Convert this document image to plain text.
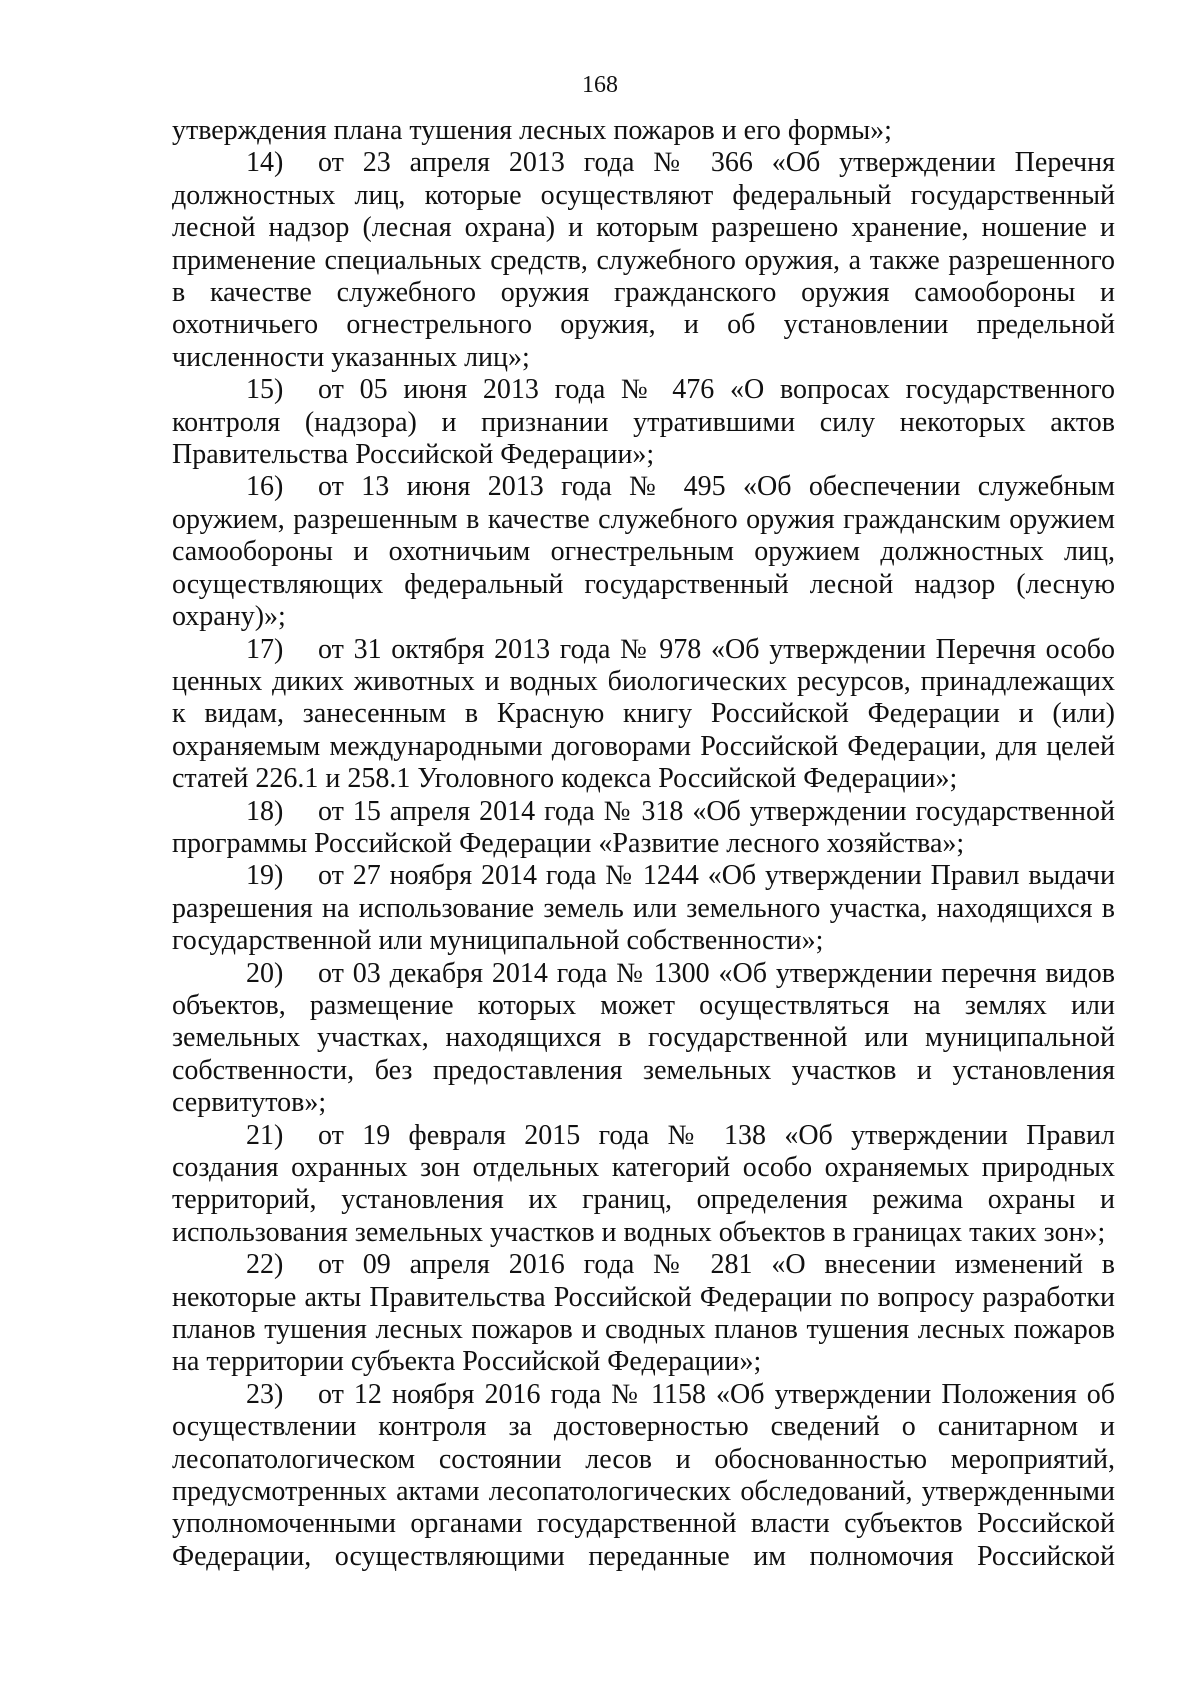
168

утверждения плана тушения лесных пожаров и его формы»;

14) от 23 апреля 2013 года № 366 «Об утверждении Перечня должностных лиц, которые осуществляют федеральный государственный лесной надзор (лесная охрана) и которым разрешено хранение, ношение и применение специальных средств, служебного оружия, а также разрешенного в качестве служебного оружия гражданского оружия самообороны и охотничьего огнестрельного оружия, и об установлении предельной численности указанных лиц»;

15) от 05 июня 2013 года № 476 «О вопросах государственного контроля (надзора) и признании утратившими силу некоторых актов Правительства Российской Федерации»;

16) от 13 июня 2013 года № 495 «Об обеспечении служебным оружием, разрешенным в качестве служебного оружия гражданским оружием самообороны и охотничьим огнестрельным оружием должностных лиц, осуществляющих федеральный государственный лесной надзор (лесную охрану)»;

17) от 31 октября 2013 года № 978 «Об утверждении Перечня особо ценных диких животных и водных биологических ресурсов, принадлежащих к видам, занесенным в Красную книгу Российской Федерации и (или) охраняемым международными договорами Российской Федерации, для целей статей 226.1 и 258.1 Уголовного кодекса Российской Федерации»;

18) от 15 апреля 2014 года № 318 «Об утверждении государственной программы Российской Федерации «Развитие лесного хозяйства»;

19) от 27 ноября 2014 года № 1244 «Об утверждении Правил выдачи разрешения на использование земель или земельного участка, находящихся в государственной или муниципальной собственности»;

20) от 03 декабря 2014 года № 1300 «Об утверждении перечня видов объектов, размещение которых может осуществляться на землях или земельных участках, находящихся в государственной или муниципальной собственности, без предоставления земельных участков и установления сервитутов»;

21) от 19 февраля 2015 года № 138 «Об утверждении Правил создания охранных зон отдельных категорий особо охраняемых природных территорий, установления их границ, определения режима охраны и использования земельных участков и водных объектов в границах таких зон»;

22) от 09 апреля 2016 года № 281 «О внесении изменений в некоторые акты Правительства Российской Федерации по вопросу разработки планов тушения лесных пожаров и сводных планов тушения лесных пожаров на территории субъекта Российской Федерации»;

23) от 12 ноября 2016 года № 1158 «Об утверждении Положения об осуществлении контроля за достоверностью сведений о санитарном и лесопатологическом состоянии лесов и обоснованностью мероприятий, предусмотренных актами лесопатологических обследований, утвержденными уполномоченными органами государственной власти субъектов Российской Федерации, осуществляющими переданные им полномочия Российской
